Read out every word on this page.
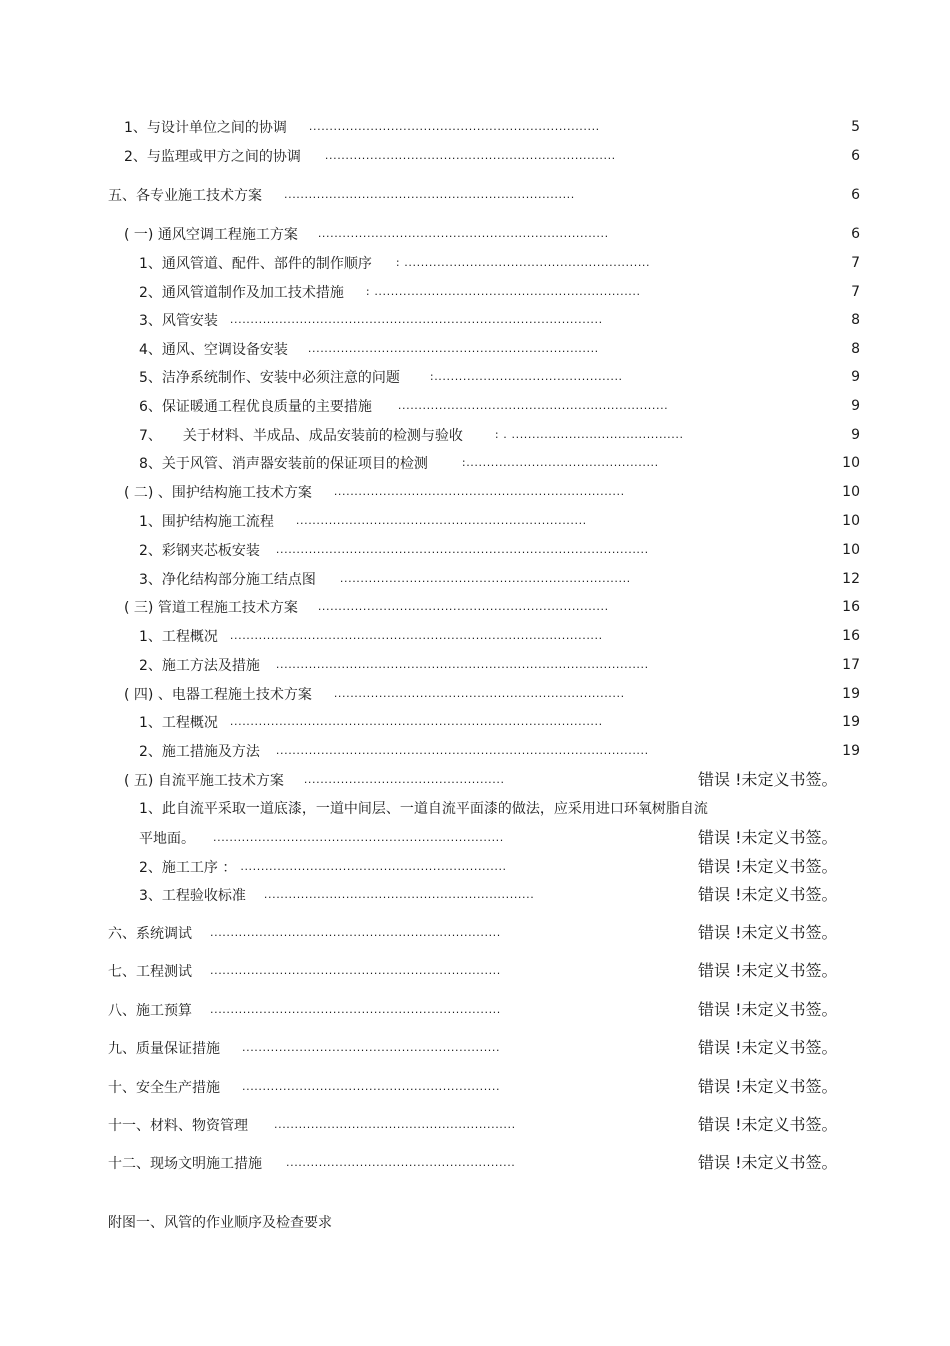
1、与设计单位之间的协调 .......................................................................	5
2、与监理或甲方之间的协调 .......................................................................	6
五、各专业施工技术方案 .......................................................................	6
( 一) 通风空调工程施工方案 .......................................................................	6
1、通风管道、配件、部件的制作顺序 : ............................................................	7
2、通风管道制作及加工技术措施 : .................................................................	7
3、风管安装 ...........................................................................................	8
4、通风、空调设备安装 .......................................................................	8
5、洁净系统制作、安装中必须注意的问题	:..............................................	9
6、保证暖通工程优良质量的主要措施 ..................................................................	9
7、　　关于材料、半成品、成品安装前的检测与验收	: . ..........................................	9
8、关于风管、消声器安装前的保证项目的检测	:...............................................	10
( 二) 、围护结构施工技术方案 .......................................................................	10
1、围护结构施工流程 .......................................................................	10
2、彩钢夹芯板安装 ...........................................................................................	10
3、净化结构部分施工结点图 .......................................................................	12
( 三) 管道工程施工技术方案 .......................................................................	16
1、工程概况 ...........................................................................................	16
2、施工方法及措施 ...........................................................................................	17
( 四) 、电器工程施土技术方案 .......................................................................	19
1、工程概况 ...........................................................................................	19
2、施工措施及方法 ...........................................................................................	19
( 五) 自流平施工技术方案 .................................................	错误 !未定义书签。
1、此自流平采取一道底漆，一道中间层、一道自流平面漆的做法，应采用进口环氧树脂自流
平地面。 .......................................................................	错误 !未定义书签。
2、施工工序 ： .................................................................	错误 !未定义书签。
3、工程验收标准 ..................................................................	错误 !未定义书签。
六、系统调试 .......................................................................	错误 !未定义书签。
七、工程测试 .......................................................................	错误 !未定义书签。
八、施工预算 .......................................................................	错误 !未定义书签。
九、质量保证措施 ...............................................................	错误 !未定义书签。
十、安全生产措施 ...............................................................	错误 !未定义书签。
十一、材料、物资管理 ...........................................................	错误 !未定义书签。
十二、现场文明施工措施 ........................................................	错误 !未定义书签。
附图一、风管的作业顺序及检查要求
